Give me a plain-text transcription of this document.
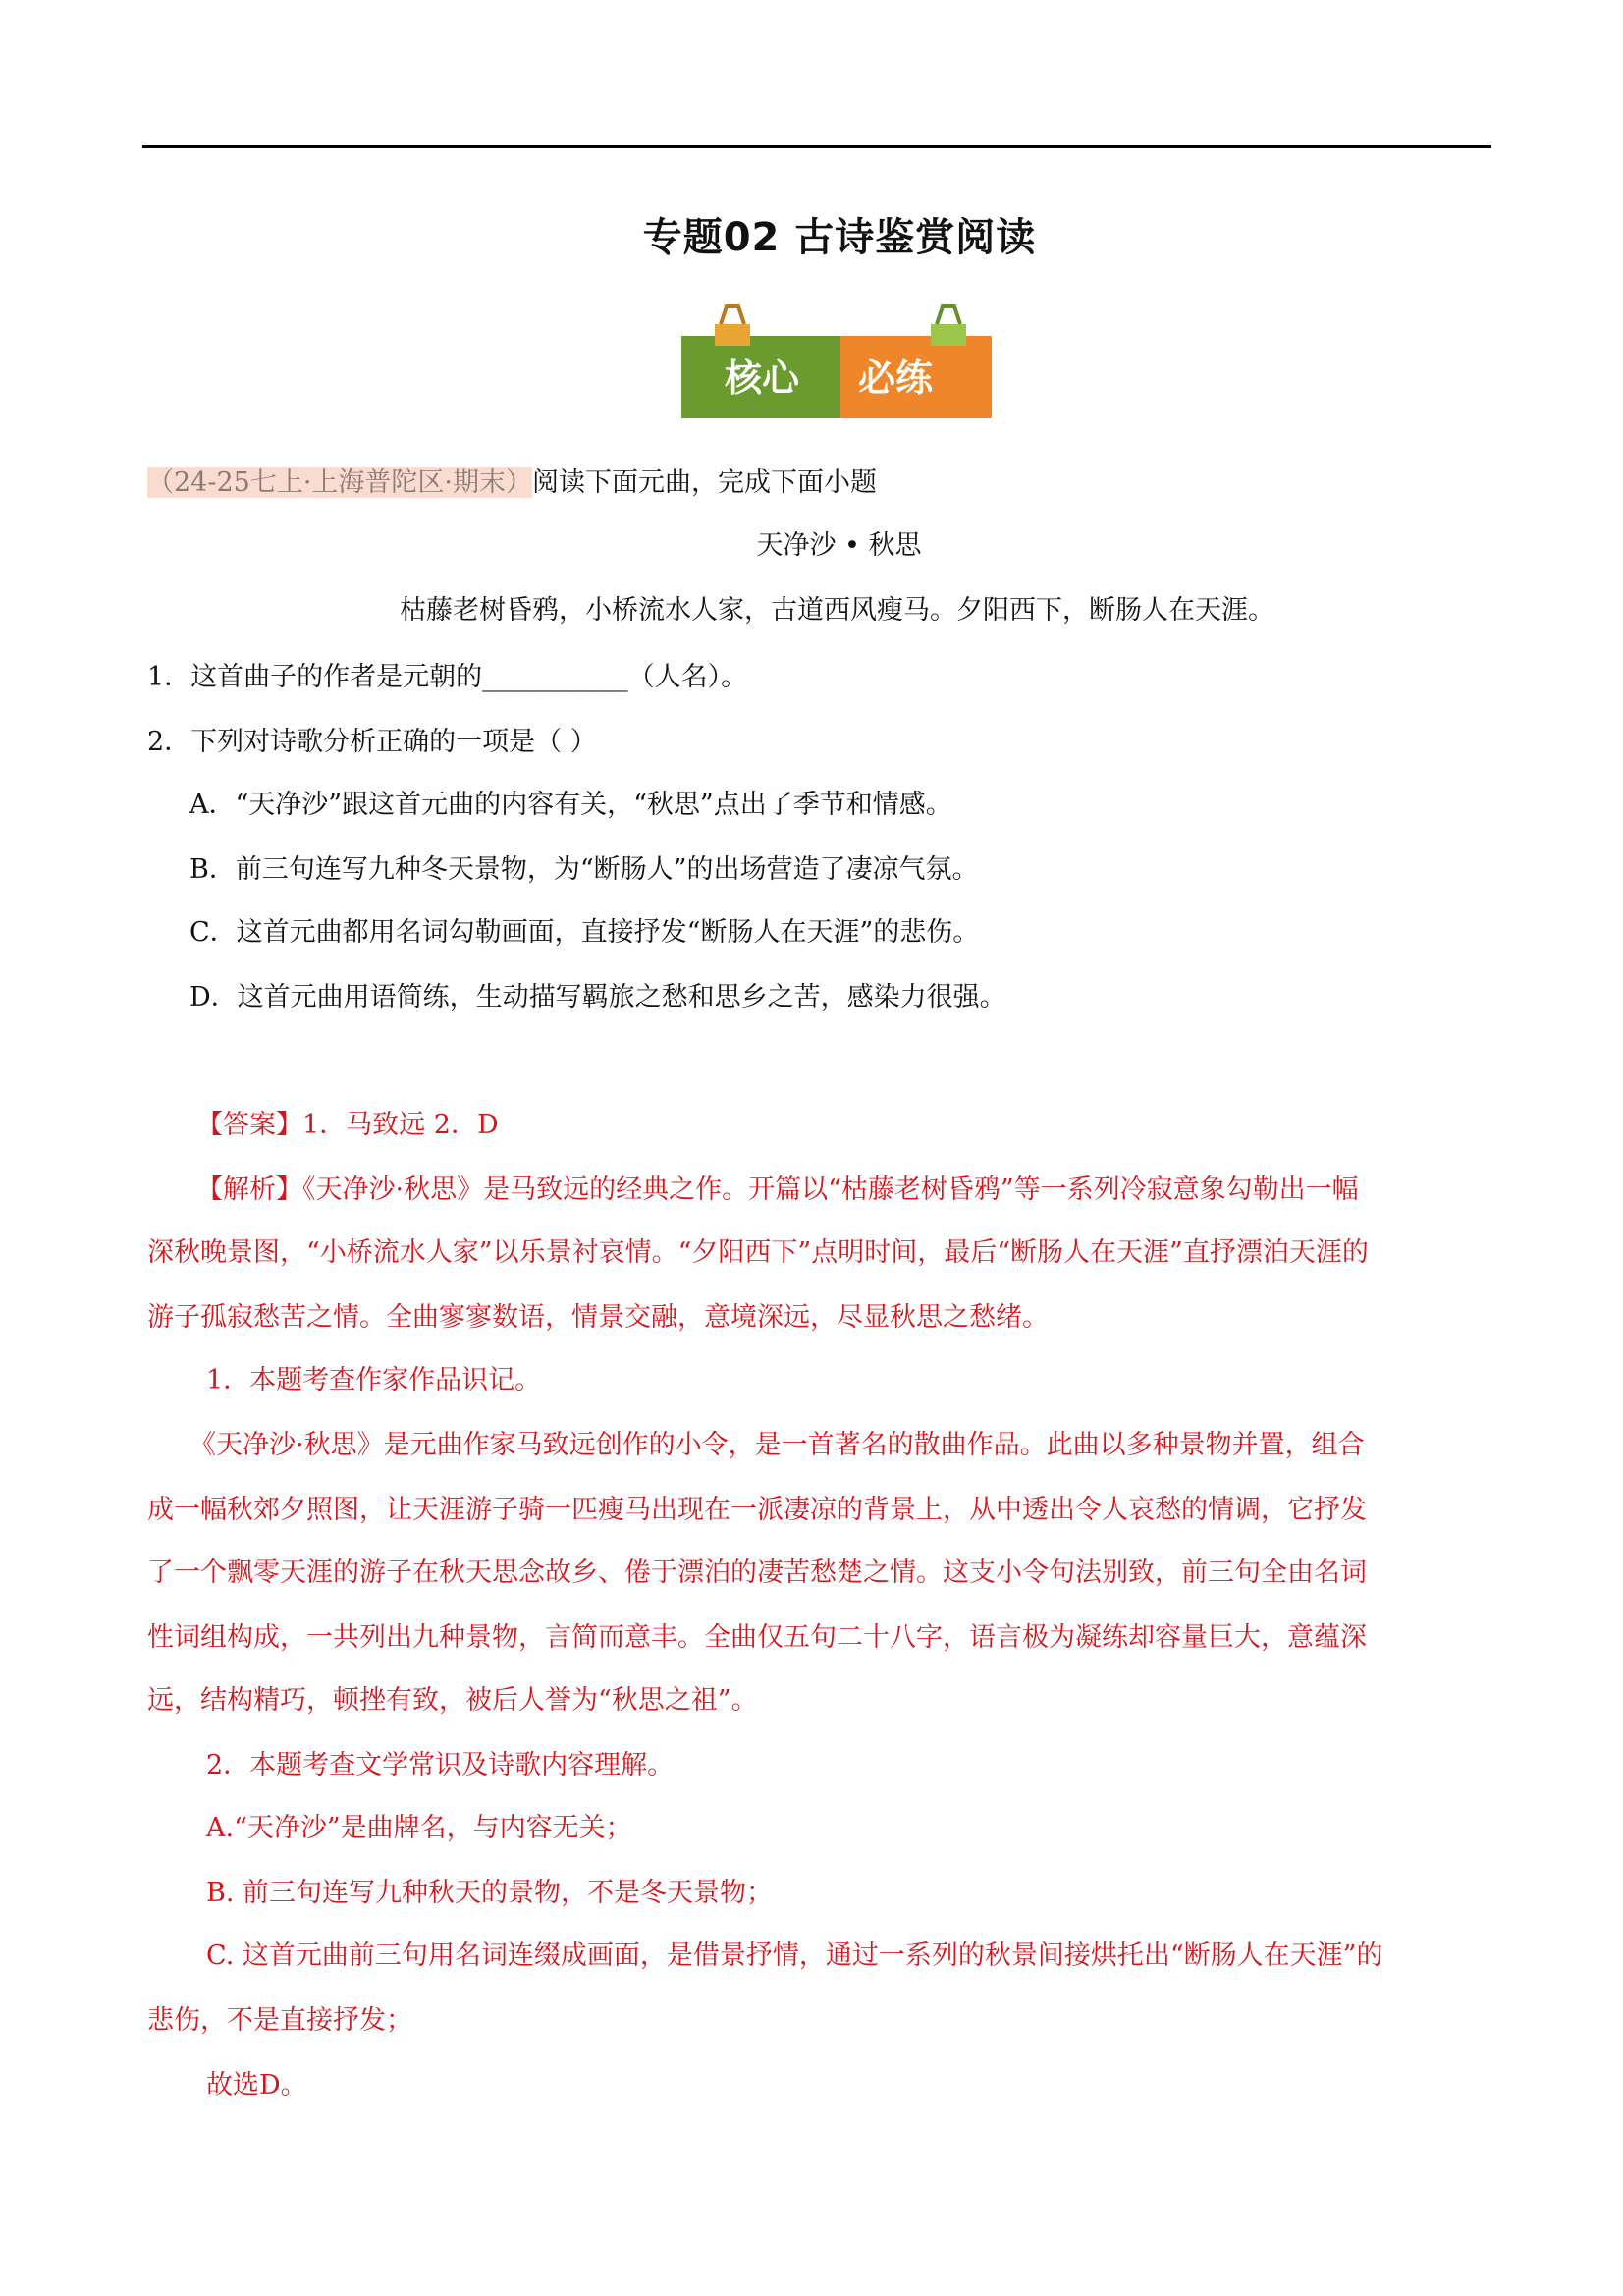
专题02 古诗鉴赏阅读
核心 必练
（24-25七上·上海普陀区·期末）阅读下面元曲，完成下面小题
天净沙 • 秋思
枯藤老树昏鸦，小桥流水人家，古道西风瘦马。夕阳西下，断肠人在天涯。
1．这首曲子的作者是元朝的___________（人名）。
2．下列对诗歌分析正确的一项是（ ）
A．“天净沙”跟这首元曲的内容有关，“秋思”点出了季节和情感。
B．前三句连写九种冬天景物，为“断肠人”的出场营造了凄凉气氛。
C．这首元曲都用名词勾勒画面，直接抒发“断肠人在天涯”的悲伤。
D．这首元曲用语简练，生动描写羁旅之愁和思乡之苦，感染力很强。
【答案】1．马致远 2．D
【解析】《天净沙·秋思》是马致远的经典之作。开篇以“枯藤老树昏鸦”等一系列冷寂意象勾勒出一幅
深秋晚景图，“小桥流水人家”以乐景衬哀情。“夕阳西下”点明时间，最后“断肠人在天涯”直抒漂泊天涯的
游子孤寂愁苦之情。全曲寥寥数语，情景交融，意境深远，尽显秋思之愁绪。
1．本题考查作家作品识记。
《天净沙·秋思》是元曲作家马致远创作的小令，是一首著名的散曲作品。此曲以多种景物并置，组合
成一幅秋郊夕照图，让天涯游子骑一匹瘦马出现在一派凄凉的背景上，从中透出令人哀愁的情调，它抒发
了一个飘零天涯的游子在秋天思念故乡、倦于漂泊的凄苦愁楚之情。这支小令句法别致，前三句全由名词
性词组构成，一共列出九种景物，言简而意丰。全曲仅五句二十八字，语言极为凝练却容量巨大，意蕴深
远，结构精巧，顿挫有致，被后人誉为“秋思之祖”。
2．本题考查文学常识及诗歌内容理解。
A.“天净沙”是曲牌名，与内容无关；
B. 前三句连写九种秋天的景物，不是冬天景物；
C. 这首元曲前三句用名词连缀成画面，是借景抒情，通过一系列的秋景间接烘托出“断肠人在天涯”的
悲伤，不是直接抒发；
故选D。
